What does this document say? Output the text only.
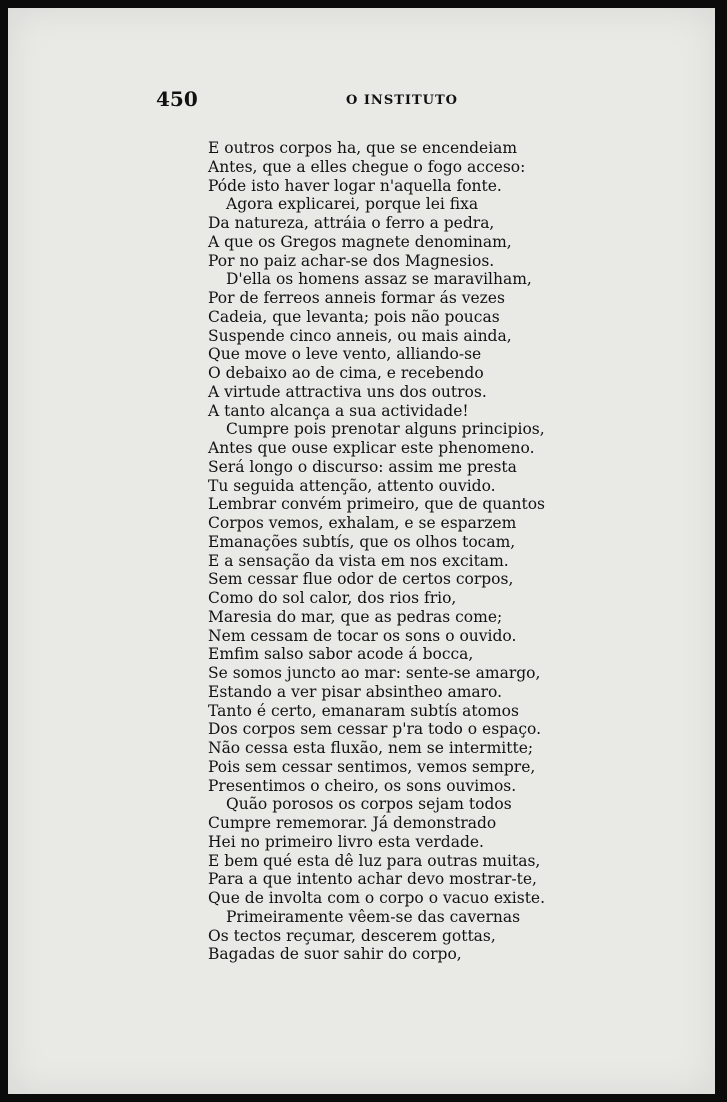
450	O INSTITUTO
E outros corpos ha, que se encendeiam
Antes, que a elles chegue o fogo acceso:
Póde isto haver logar n'aquella fonte.
Agora explicarei, porque lei fixa
Da natureza, attráia o ferro a pedra,
A que os Gregos magnete denominam,
Por no paiz achar-se dos Magnesios.
D'ella os homens assaz se maravilham,
Por de ferreos anneis formar ás vezes
Cadeia, que levanta; pois não poucas
Suspende cinco anneis, ou mais ainda,
Que move o leve vento, alliando-se
O debaixo ao de cima, e recebendo
A virtude attractiva uns dos outros.
A tanto alcança a sua actividade!
Cumpre pois prenotar alguns principios,
Antes que ouse explicar este phenomeno.
Será longo o discurso: assim me presta
Tu seguida attenção, attento ouvido.
Lembrar convém primeiro, que de quantos
Corpos vemos, exhalam, e se esparzem
Emanações subtís, que os olhos tocam,
E a sensação da vista em nos excitam.
Sem cessar flue odor de certos corpos,
Como do sol calor, dos rios frio,
Maresia do mar, que as pedras come;
Nem cessam de tocar os sons o ouvido.
Emfim salso sabor acode á bocca,
Se somos juncto ao mar: sente-se amargo,
Estando a ver pisar absintheo amaro.
Tanto é certo, emanaram subtís atomos
Dos corpos sem cessar p'ra todo o espaço.
Não cessa esta fluxão, nem se intermitte;
Pois sem cessar sentimos, vemos sempre,
Presentimos o cheiro, os sons ouvimos.
Quão porosos os corpos sejam todos
Cumpre rememorar. Já demonstrado
Hei no primeiro livro esta verdade.
E bem qué esta dê luz para outras muitas,
Para a que intento achar devo mostrar-te,
Que de involta com o corpo o vacuo existe.
Primeiramente vêem-se das cavernas
Os tectos reçumar, descerem gottas,
Bagadas de suor sahir do corpo,
